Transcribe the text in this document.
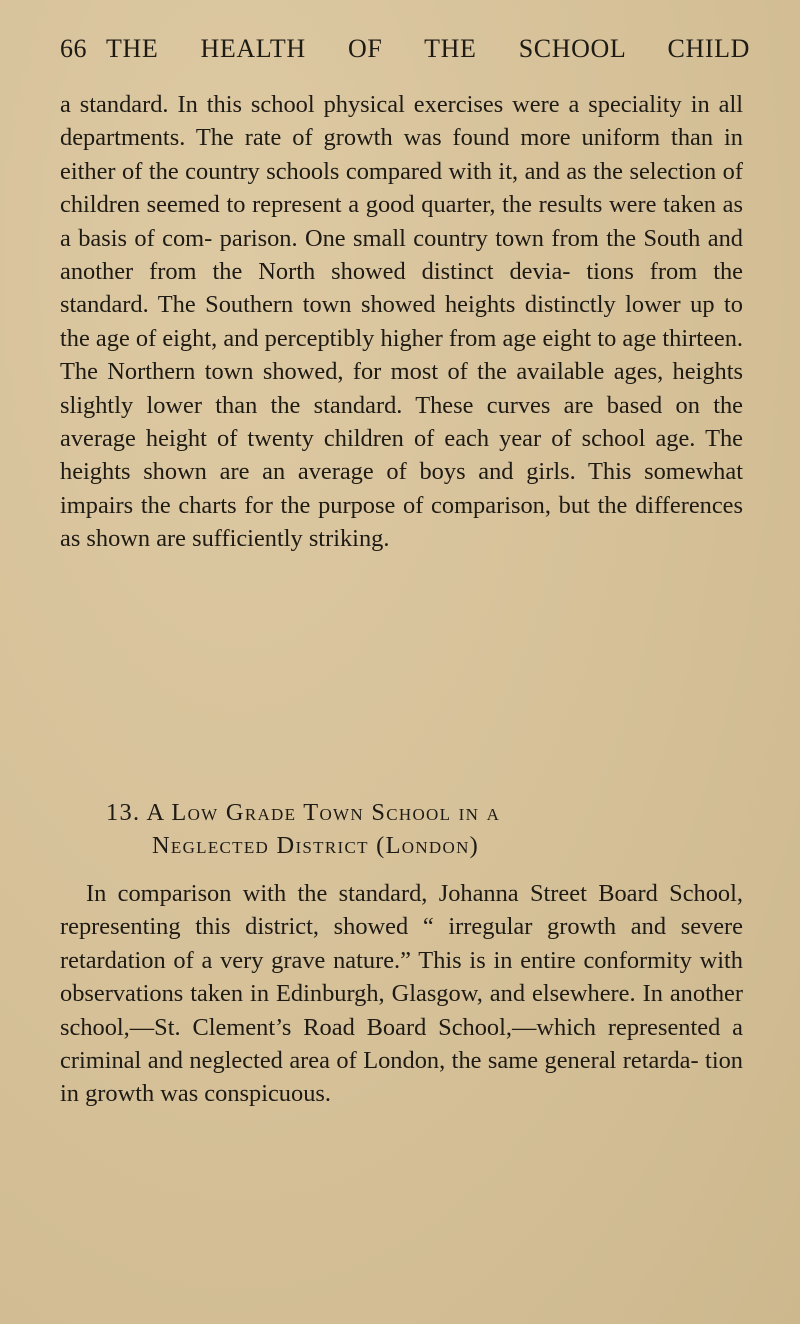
66 THE HEALTH OF THE SCHOOL CHILD

a standard. In this school physical exercises were a speciality in all departments. The rate of growth was found more uniform than in either of the country schools compared with it, and as the selection of children seemed to represent a good quarter, the results were taken as a basis of com- parison. One small country town from the South and another from the North showed distinct devia- tions from the standard. The Southern town showed heights distinctly lower up to the age of eight, and perceptibly higher from age eight to age thirteen. The Northern town showed, for most of the available ages, heights slightly lower than the standard. These curves are based on the average height of twenty children of each year of school age. The heights shown are an average of boys and girls. This somewhat impairs the charts for the purpose of comparison, but the differences as shown are sufficiently striking.

13. A Low Grade Town School in a
Neglected District (London)

In comparison with the standard, Johanna Street Board School, representing this district, showed “ irregular growth and severe retardation of a very grave nature.” This is in entire conformity with observations taken in Edinburgh, Glasgow, and elsewhere. In another school,—St. Clement’s Road Board School,—which represented a criminal and neglected area of London, the same general retarda- tion in growth was conspicuous.
